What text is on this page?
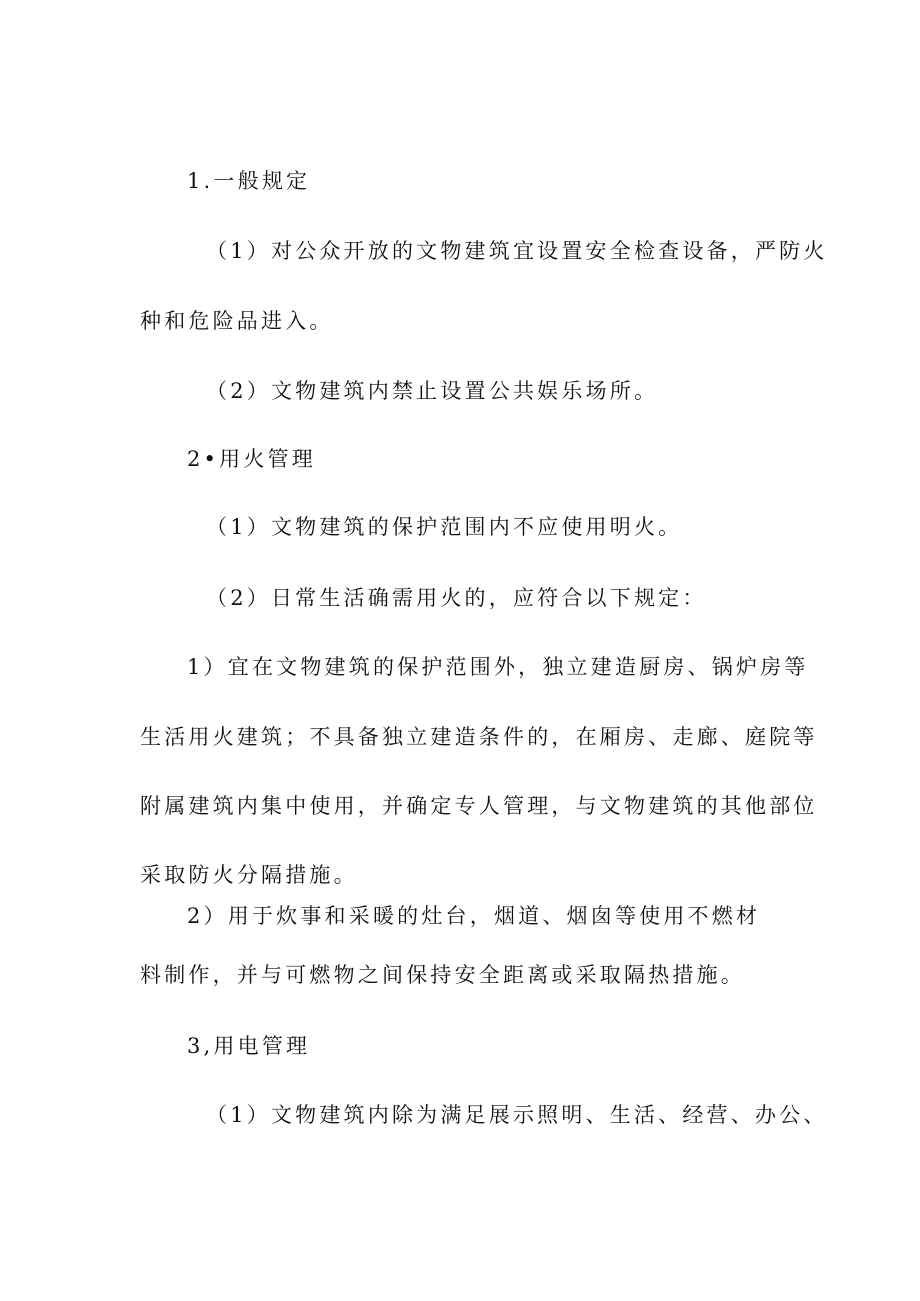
1.一般规定
（1）对公众开放的文物建筑宜设置安全检查设备，严防火
种和危险品进入。
（2）文物建筑内禁止设置公共娱乐场所。
2•用火管理
（1）文物建筑的保护范围内不应使用明火。
（2）日常生活确需用火的，应符合以下规定：
1）宜在文物建筑的保护范围外，独立建造厨房、锅炉房等
生活用火建筑；不具备独立建造条件的，在厢房、走廊、庭院等
附属建筑内集中使用，并确定专人管理，与文物建筑的其他部位
采取防火分隔措施。
2）用于炊事和采暖的灶台，烟道、烟囱等使用不燃材
料制作，并与可燃物之间保持安全距离或采取隔热措施。
3,用电管理
（1）文物建筑内除为满足展示照明、生活、经营、办公、
